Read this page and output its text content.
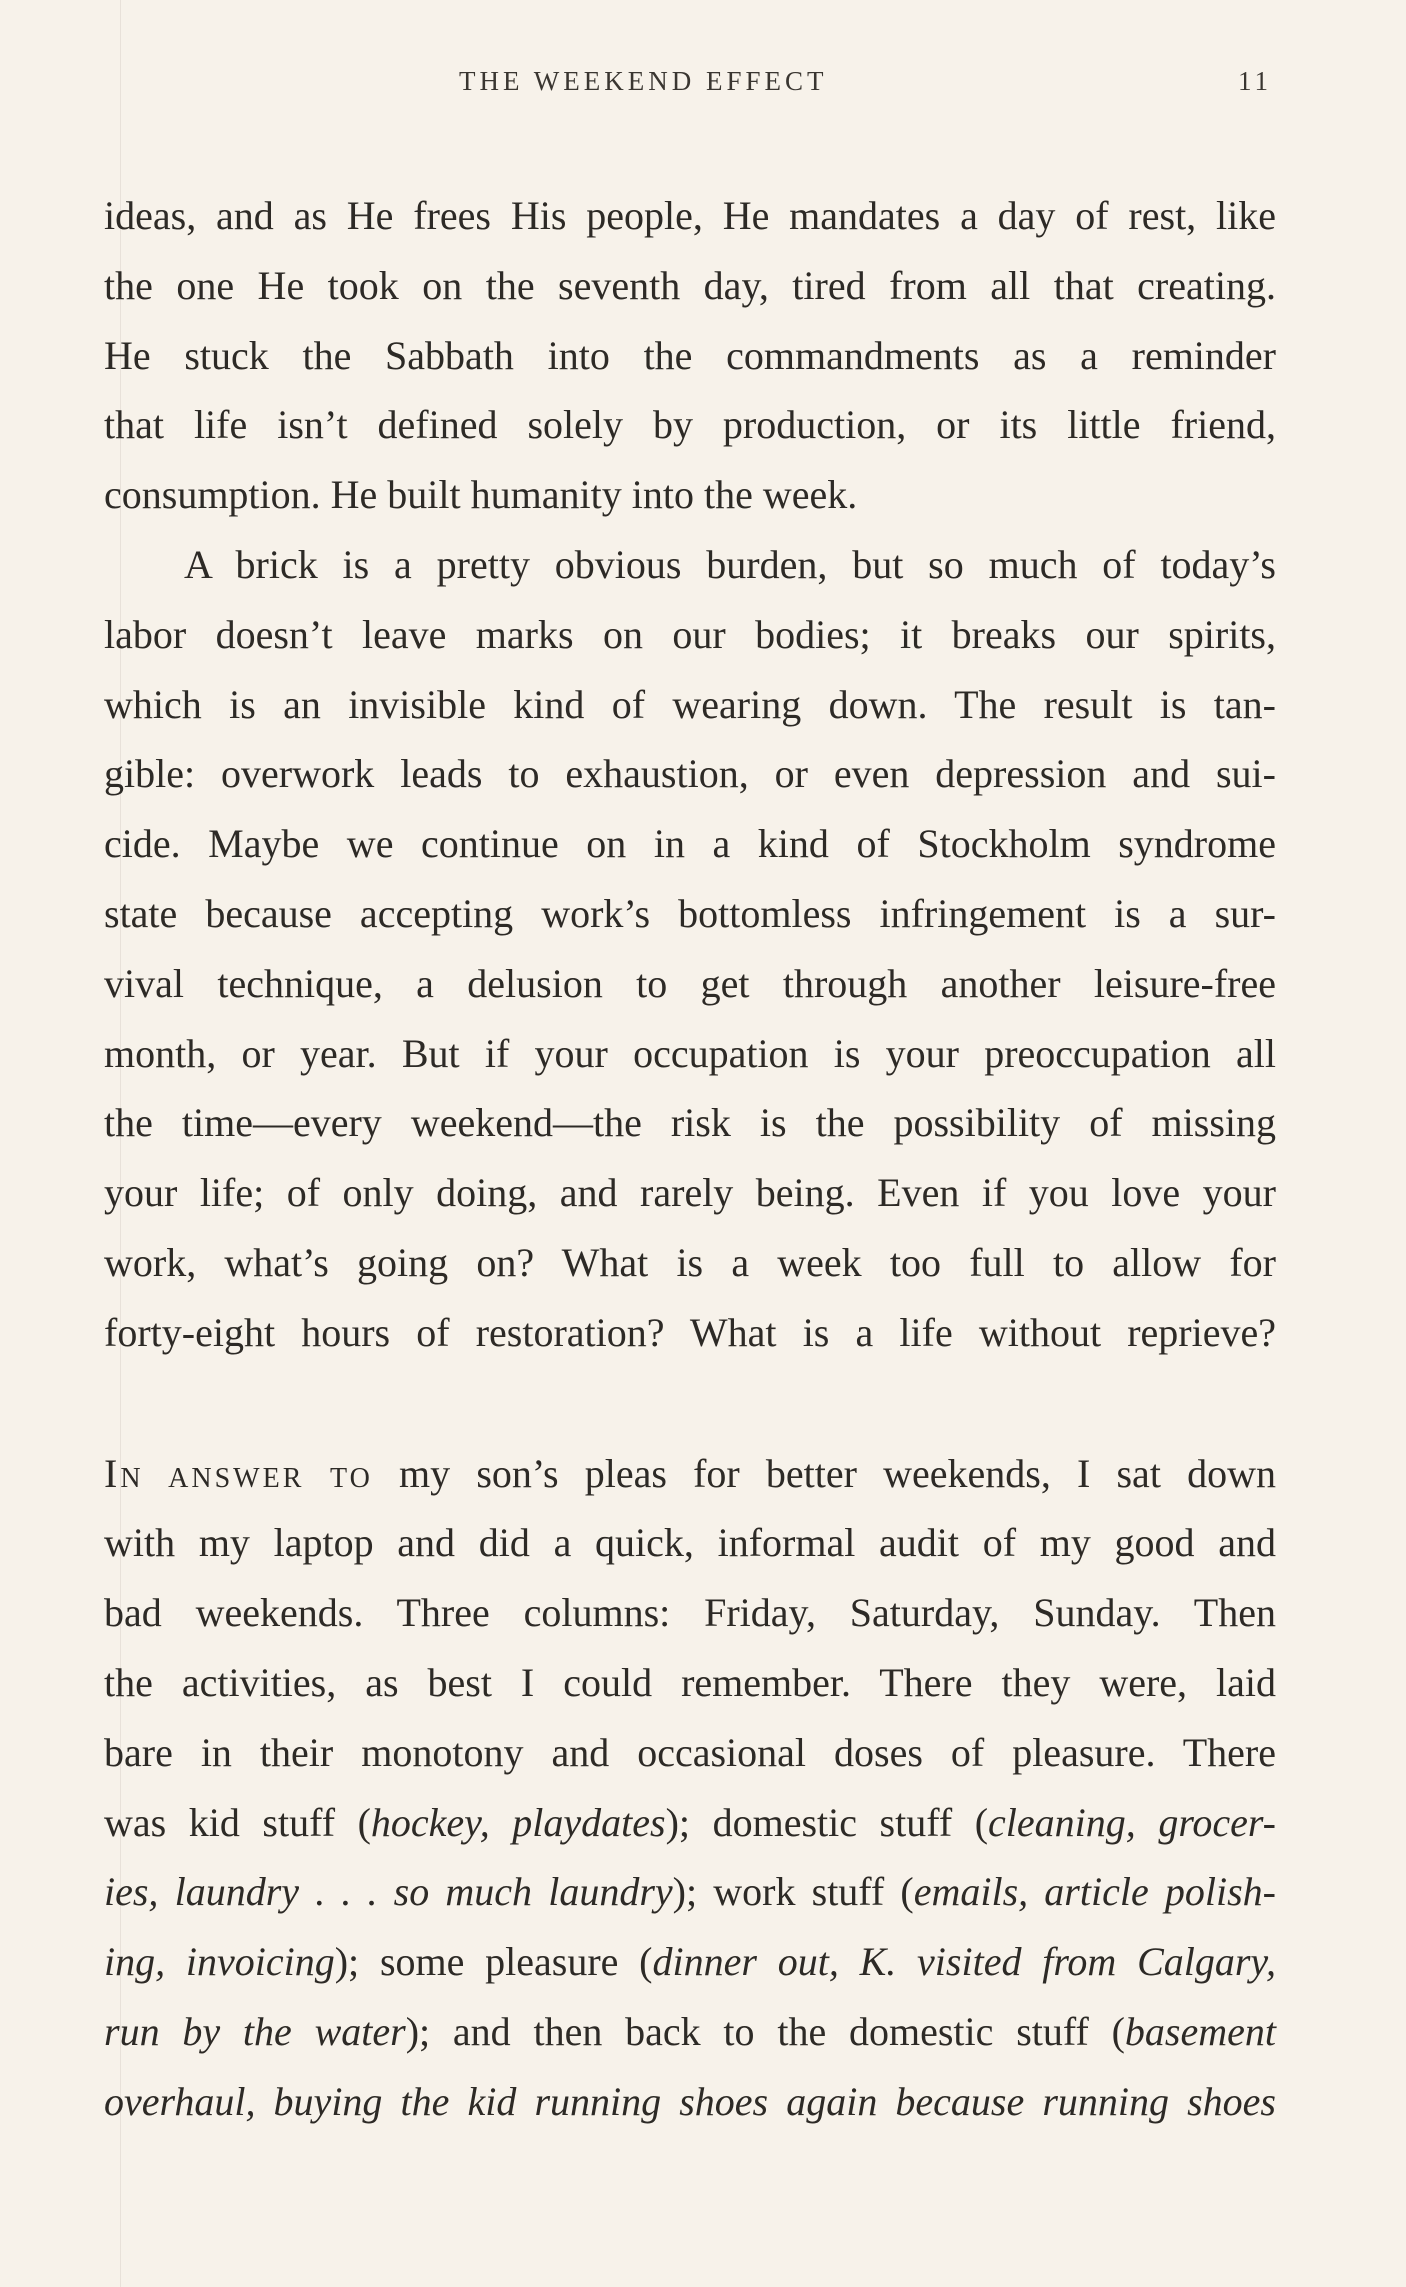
THE WEEKEND EFFECT	11
ideas, and as He frees His people, He mandates a day of rest, like
the one He took on the seventh day, tired from all that creating.
He stuck the Sabbath into the commandments as a reminder
that life isn’t defined solely by production, or its little friend,
consumption. He built humanity into the week.
A brick is a pretty obvious burden, but so much of today’s
labor doesn’t leave marks on our bodies; it breaks our spirits,
which is an invisible kind of wearing down. The result is tan-
gible: overwork leads to exhaustion, or even depression and sui-
cide. Maybe we continue on in a kind of Stockholm syndrome
state because accepting work’s bottomless infringement is a sur-
vival technique, a delusion to get through another leisure-free
month, or year. But if your occupation is your preoccupation all
the time—every weekend—the risk is the possibility of missing
your life; of only doing, and rarely being. Even if you love your
work, what’s going on? What is a week too full to allow for
forty-eight hours of restoration? What is a life without reprieve?
IN ANSWER TO my son’s pleas for better weekends, I sat down
with my laptop and did a quick, informal audit of my good and
bad weekends. Three columns: Friday, Saturday, Sunday. Then
the activities, as best I could remember. There they were, laid
bare in their monotony and occasional doses of pleasure. There
was kid stuff (hockey, playdates); domestic stuff (cleaning, grocer-
ies, laundry . . . so much laundry); work stuff (emails, article polish-
ing, invoicing); some pleasure (dinner out, K. visited from Calgary,
run by the water); and then back to the domestic stuff (basement
overhaul, buying the kid running shoes again because running shoes
